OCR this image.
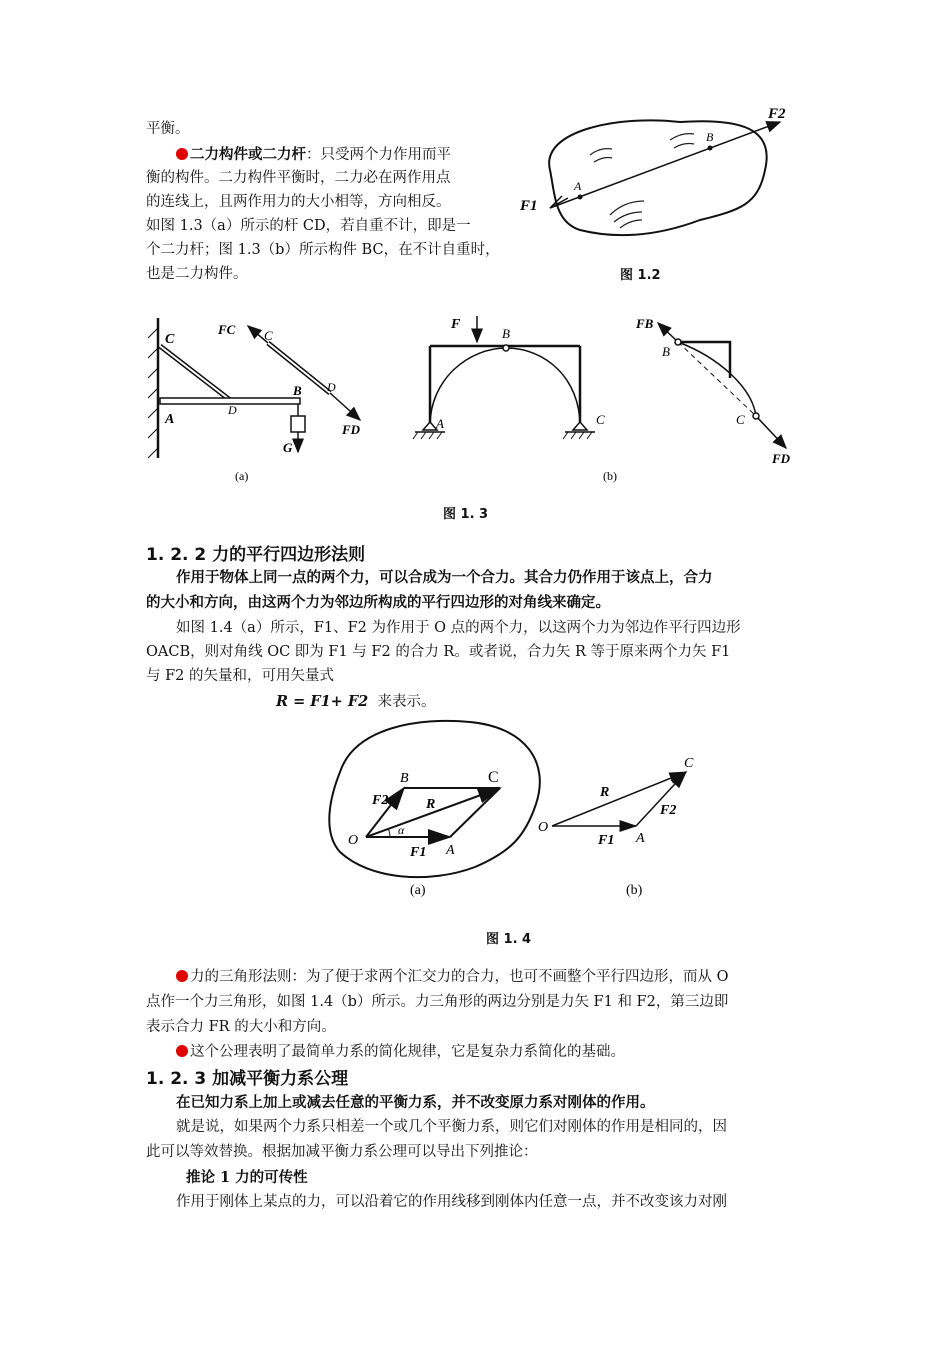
平衡。
二力构件或二力杆：只受两个力作用而平
衡的构件。二力构件平衡时，二力必在两作用点
的连线上，且两作用力的大小相等，方向相反。
如图 1.3（a）所示的杆 CD，若自重不计，即是一
个二力杆；图 1.3（b）所示构件 BC，在不计自重时，
也是二力构件。
F1
F2
A
B
图 1.2
C
A
D
FC C
B D
FD
G
(a)
F
B
A	C
(b)
FB
B
C
FD
图 1. 3
1. 2. 2 力的平行四边形法则
作用于物体上同一点的两个力，可以合成为一个合力。其合力仍作用于该点上，合力
的大小和方向，由这两个力为邻边所构成的平行四边形的对角线来确定。
如图 1.4（a）所示，F1、F2 为作用于 O 点的两个力，以这两个力为邻边作平行四边形
OACB，则对角线 OC 即为 F1 与 F2 的合力 R。或者说，合力矢 R 等于原来两个力矢 F1
与 F2 的矢量和，可用矢量式
R = F1+ F2 来表示。
B	C
F2	R
O
α
F1 A
(a)
C
R
F2
O
F1 A
(b)
图 1. 4
力的三角形法则：为了便于求两个汇交力的合力，也可不画整个平行四边形，而从 O
点作一个力三角形，如图 1.4（b）所示。力三角形的两边分别是力矢 F1 和 F2，第三边即
表示合力 FR 的大小和方向。
这个公理表明了最简单力系的简化规律，它是复杂力系简化的基础。
1. 2. 3 加减平衡力系公理
在已知力系上加上或减去任意的平衡力系，并不改变原力系对刚体的作用。
就是说，如果两个力系只相差一个或几个平衡力系，则它们对刚体的作用是相同的，因
此可以等效替换。根据加减平衡力系公理可以导出下列推论：
推论 1 力的可传性
作用于刚体上某点的力，可以沿着它的作用线移到刚体内任意一点，并不改变该力对刚
